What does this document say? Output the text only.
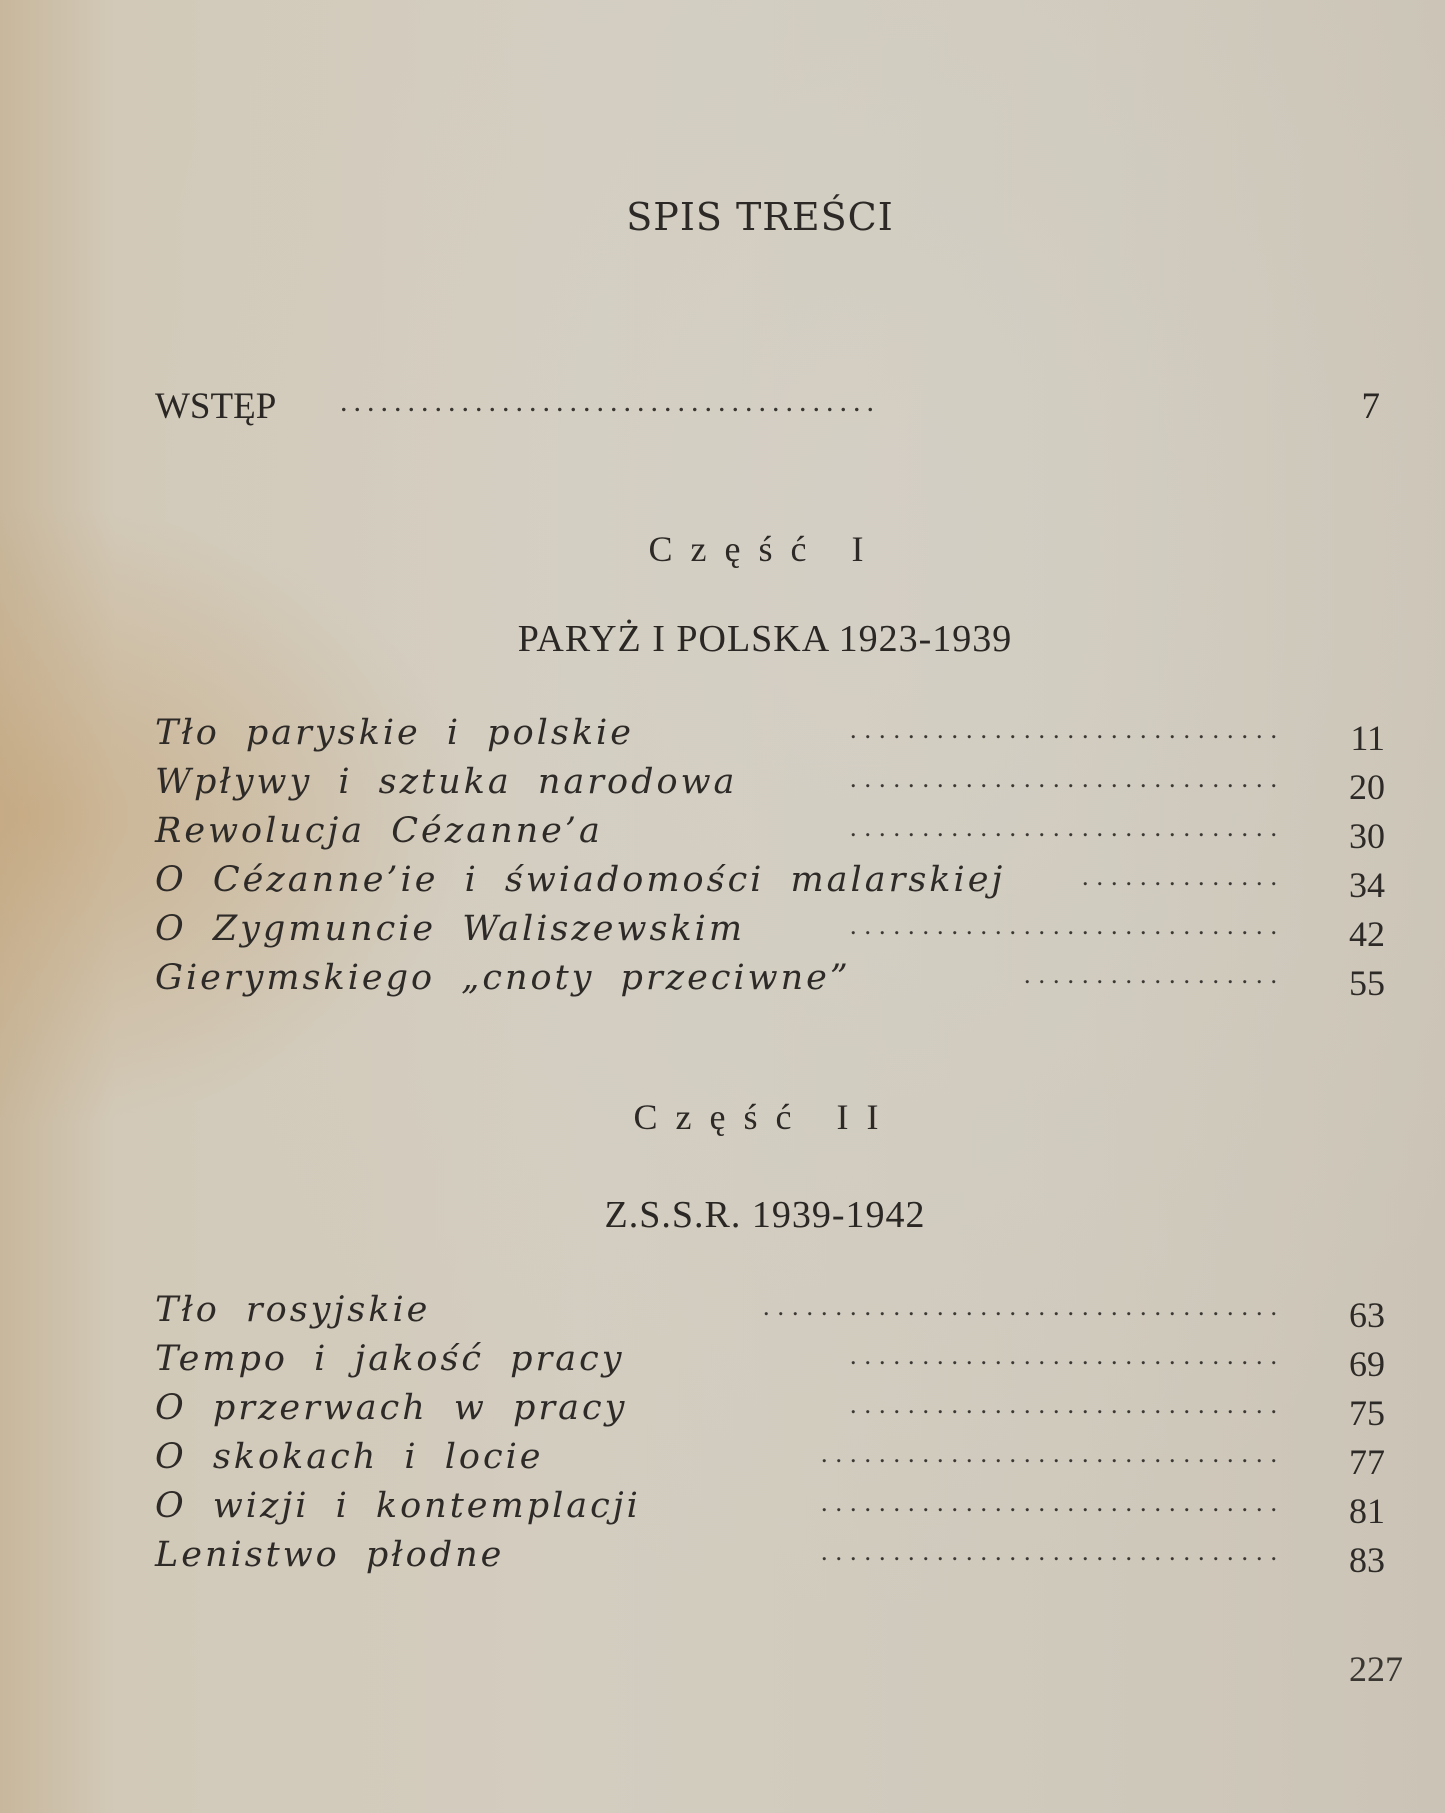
SPIS TREŚCI
WSTĘP ........................................	7
Część I
PARYŻ I POLSKA 1923-1939
Tło paryskie i polskie	.............................. 11
Wpływy i sztuka narodowa	.............................. 20
Rewolucja Cézanne’a	.............................. 30
O Cézanne’ie i świadomości malarskiej	.............. 34
O Zygmuncie Waliszewskim	.............................. 42
Gierymskiego „cnoty przeciwne”	.................. 55
Część II
Z.S.S.R. 1939-1942
Tło rosyjskie	.................................... 63
Tempo i jakość pracy	.............................. 69
O przerwach w pracy	.............................. 75
O skokach i locie	................................ 77
O wizji i kontemplacji	................................ 81
Lenistwo płodne	................................ 83
227
